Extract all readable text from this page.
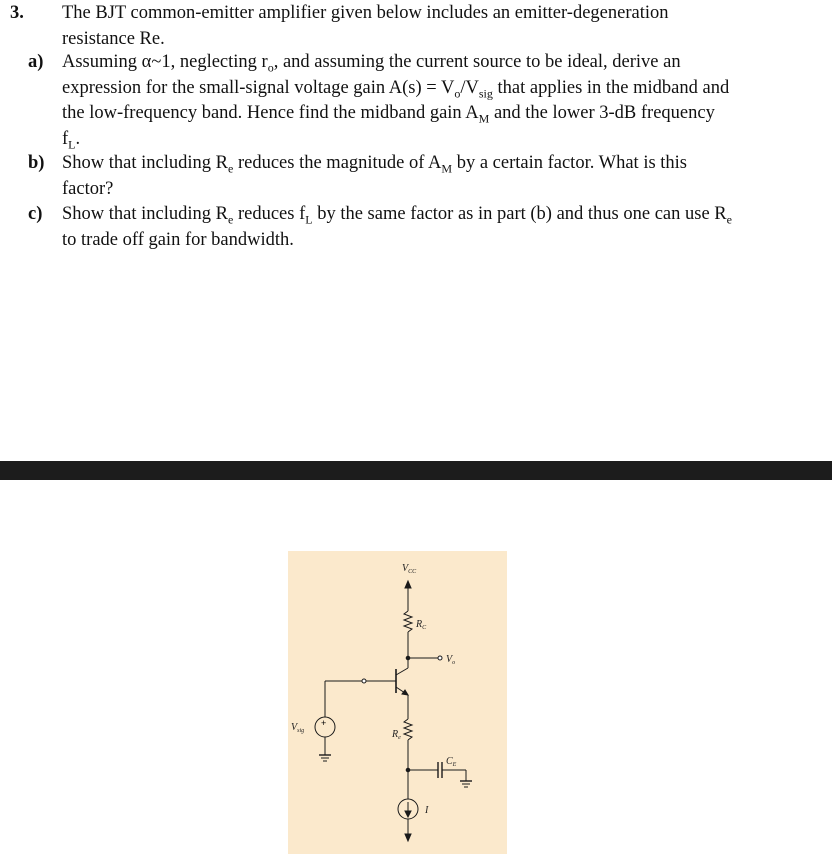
3. The BJT common-emitter amplifier given below includes an emitter-degeneration
resistance Re.
a) Assuming α~1, neglecting $r_o$, and assuming the current source to be ideal, derive an
expression for the small-signal voltage gain $A(s) = V_o/V_{sig}$ that applies in the midband and
the low-frequency band. Hence find the midband gain $A_M$ and the lower 3-dB frequency
$f_L$.
b) Show that including $R_e$ reduces the magnitude of $A_M$ by a certain factor. What is this
factor?
c) Show that including $R_e$ reduces $f_L$ by the same factor as in part (b) and thus one can use $R_e$
to trade off gain for bandwidth.
$V_{CC}$
$R_C$
$V_o$
$V_{sig}$
+
$R_e$
$C_E$
I
